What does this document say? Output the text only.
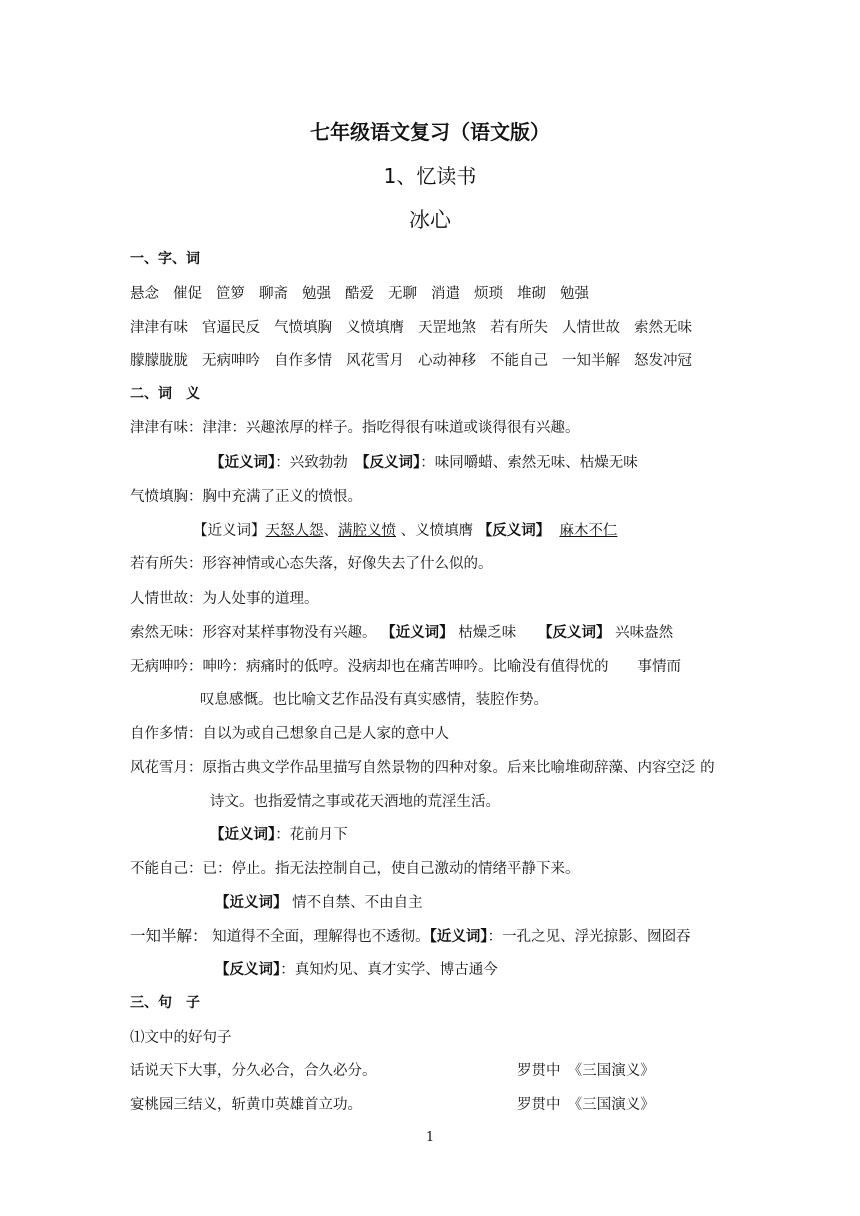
七年级语文复习（语文版）
1、忆读书
冰心
一、字、词
悬念 催促 笸箩 聊斋 勉强 酷爱 无聊 消遣 烦琐 堆砌 勉强
津津有味 官逼民反 气愤填胸 义愤填膺 天罡地煞 若有所失 人情世故 索然无味
朦朦胧胧 无病呻吟 自作多情 风花雪月 心动神移 不能自己 一知半解 怒发冲冠
二、词　义
津津有味：津津：兴趣浓厚的样子。指吃得很有味道或谈得很有兴趣。
【近义词】：兴致勃勃　【反义词】：味同嚼蜡、索然无味、枯燥无味
气愤填胸：胸中充满了正义的愤恨。
【近义词】天怒人怨、满腔义愤 、义愤填膺 【反义词】 麻木不仁
若有所失：形容神情或心态失落，好像失去了什么似的。
人情世故：为人处事的道理。
索然无味：形容对某样事物没有兴趣。 【近义词】 枯燥乏味　　【反义词】 兴味盎然
无病呻吟：呻吟：病痛时的低哼。没病却也在痛苦呻吟。比喻没有值得忧的　　事情而
叹息感慨。也比喻文艺作品没有真实感情，装腔作势。
自作多情：自以为或自己想象自己是人家的意中人
风花雪月：原指古典文学作品里描写自然景物的四种对象。后来比喻堆砌辞藻、内容空泛 的
诗文。也指爱情之事或花天酒地的荒淫生活。
【近义词】：花前月下
不能自己：已：停止。指无法控制自己，使自己激动的情绪平静下来。
【近义词】 情不自禁、不由自主
一知半解： 知道得不全面，理解得也不透彻。【近义词】：一孔之见、浮光掠影、囫囵吞
【反义词】：真知灼见、真才实学、博古通今
三、句　子
⑴文中的好句子
话说天下大事，分久必合，合久必分。	罗贯中　《三国演义》
宴桃园三结义，斩黄巾英雄首立功。	罗贯中　《三国演义》
1
